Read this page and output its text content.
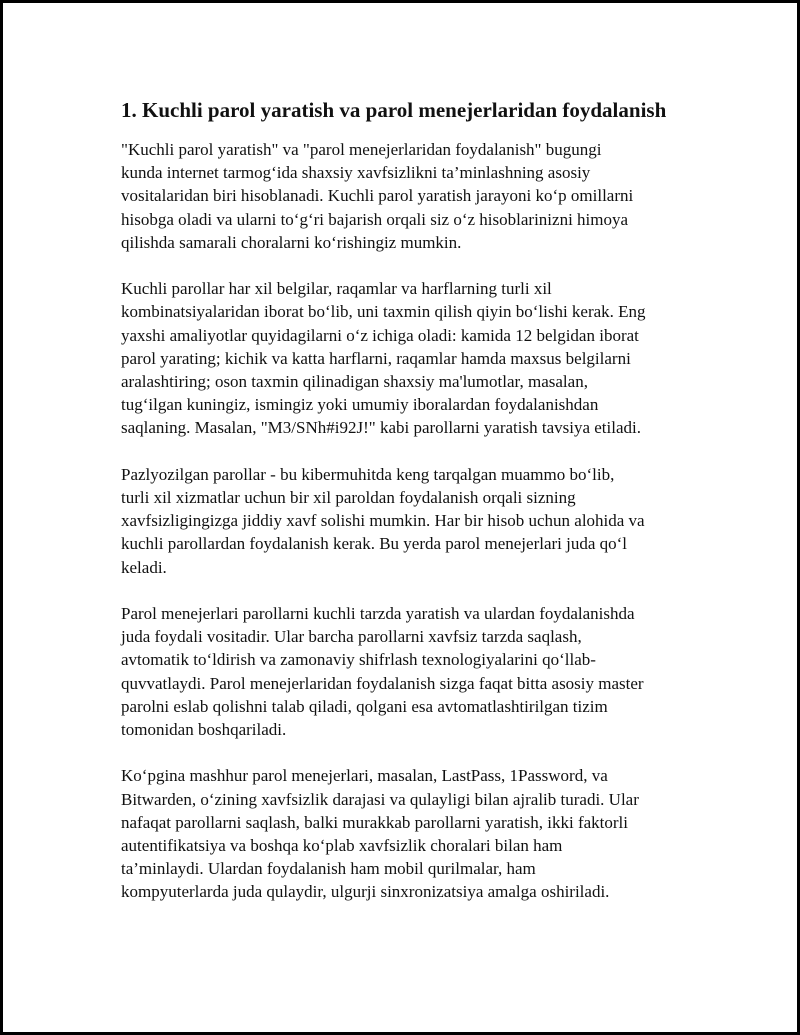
1. Kuchli parol yaratish va parol menejerlaridan foydalanish

"Kuchli parol yaratish" va "parol menejerlaridan foydalanish" bugungi
kunda internet tarmog‘ida shaxsiy xavfsizlikni ta’minlashning asosiy
vositalaridan biri hisoblanadi. Kuchli parol yaratish jarayoni ko‘p omillarni
hisobga oladi va ularni to‘g‘ri bajarish orqali siz o‘z hisoblarinizni himoya
qilishda samarali choralarni ko‘rishingiz mumkin.

Kuchli parollar har xil belgilar, raqamlar va harflarning turli xil
kombinatsiyalaridan iborat bo‘lib, uni taxmin qilish qiyin bo‘lishi kerak. Eng
yaxshi amaliyotlar quyidagilarni o‘z ichiga oladi: kamida 12 belgidan iborat
parol yarating; kichik va katta harflarni, raqamlar hamda maxsus belgilarni
aralashtiring; oson taxmin qilinadigan shaxsiy ma'lumotlar, masalan,
tug‘ilgan kuningiz, ismingiz yoki umumiy iboralardan foydalanishdan
saqlaning. Masalan, "M3/SNh#i92J!" kabi parollarni yaratish tavsiya etiladi.

Pazlyozilgan parollar - bu kibermuhitda keng tarqalgan muammo bo‘lib,
turli xil xizmatlar uchun bir xil paroldan foydalanish orqali sizning
xavfsizligingizga jiddiy xavf solishi mumkin. Har bir hisob uchun alohida va
kuchli parollardan foydalanish kerak. Bu yerda parol menejerlari juda qo‘l
keladi.

Parol menejerlari parollarni kuchli tarzda yaratish va ulardan foydalanishda
juda foydali vositadir. Ular barcha parollarni xavfsiz tarzda saqlash,
avtomatik to‘ldirish va zamonaviy shifrlash texnologiyalarini qo‘llab-
quvvatlaydi. Parol menejerlaridan foydalanish sizga faqat bitta asosiy master
parolni eslab qolishni talab qiladi, qolgani esa avtomatlashtirilgan tizim
tomonidan boshqariladi.

Ko‘pgina mashhur parol menejerlari, masalan, LastPass, 1Password, va
Bitwarden, o‘zining xavfsizlik darajasi va qulayligi bilan ajralib turadi. Ular
nafaqat parollarni saqlash, balki murakkab parollarni yaratish, ikki faktorli
autentifikatsiya va boshqa ko‘plab xavfsizlik choralari bilan ham
ta’minlaydi. Ulardan foydalanish ham mobil qurilmalar, ham
kompyuterlarda juda qulaydir, ulgurji sinxronizatsiya amalga oshiriladi.
